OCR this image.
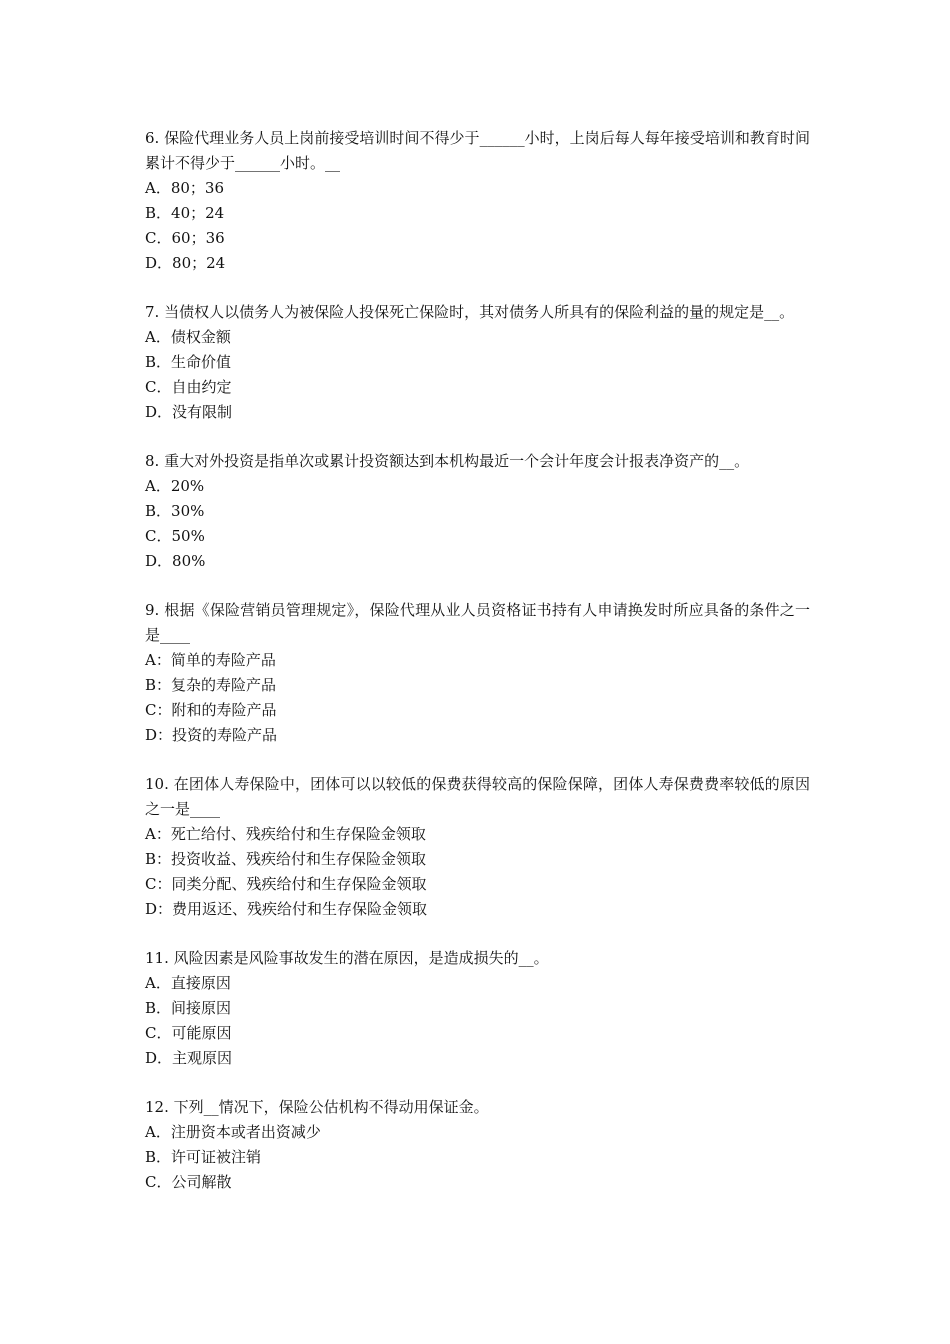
6. 保险代理业务人员上岗前接受培训时间不得少于______小时，上岗后每人每年接受培训和教育时间累计不得少于______小时。__

A．80；36

B．40；24

C．60；36

D．80；24

7. 当债权人以债务人为被保险人投保死亡保险时，其对债务人所具有的保险利益的量的规定是__。

A．债权金额

B．生命价值

C．自由约定

D．没有限制

8. 重大对外投资是指单次或累计投资额达到本机构最近一个会计年度会计报表净资产的__。

A．20%

B．30%

C．50%

D．80%

9. 根据《保险营销员管理规定》，保险代理从业人员资格证书持有人申请换发时所应具备的条件之一是____

A：简单的寿险产品

B：复杂的寿险产品

C：附和的寿险产品

D：投资的寿险产品

10. 在团体人寿保险中，团体可以以较低的保费获得较高的保险保障，团体人寿保费费率较低的原因之一是____

A：死亡给付、残疾给付和生存保险金领取

B：投资收益、残疾给付和生存保险金领取

C：同类分配、残疾给付和生存保险金领取

D：费用返还、残疾给付和生存保险金领取

11. 风险因素是风险事故发生的潜在原因，是造成损失的__。

A．直接原因

B．间接原因

C．可能原因

D．主观原因

12. 下列__情况下，保险公估机构不得动用保证金。

A．注册资本或者出资减少

B．许可证被注销

C．公司解散
